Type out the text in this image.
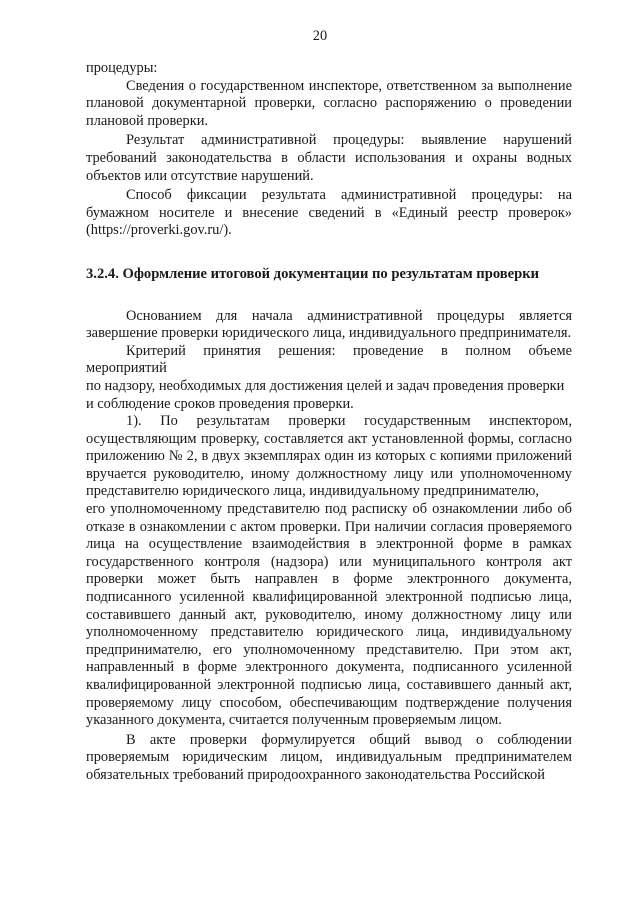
20

процедуры:

Сведения о государственном инспекторе, ответственном за выполнение плановой документарной проверки, согласно распоряжению о проведении плановой проверки.

Результат административной процедуры: выявление нарушений требований законодательства в области использования и охраны водных объектов или отсутствие нарушений.

Способ фиксации результата административной процедуры: на бумажном носителе и внесение сведений в «Единый реестр проверок» (https://proverki.gov.ru/).

3.2.4. Оформление итоговой документации по результатам проверки

Основанием для начала административной процедуры является завершение проверки юридического лица, индивидуального предпринимателя.

Критерий принятия решения: проведение в полном объеме мероприятий

по надзору, необходимых для достижения целей и задач проведения проверки

и соблюдение сроков проведения проверки.

1). По результатам проверки государственным инспектором, осуществляющим проверку, составляется акт установленной формы, согласно приложению № 2, в двух экземплярах один из которых с копиями приложений вручается руководителю, иному должностному лицу или уполномоченному представителю юридического лица, индивидуальному предпринимателю,

его уполномоченному представителю под расписку об ознакомлении либо об отказе в ознакомлении с актом проверки. При наличии согласия проверяемого лица на осуществление взаимодействия в электронной форме в рамках государственного контроля (надзора) или муниципального контроля акт проверки может быть направлен в форме электронного документа, подписанного усиленной квалифицированной электронной подписью лица, составившего данный акт, руководителю, иному должностному лицу или уполномоченному представителю юридического лица, индивидуальному предпринимателю, его уполномоченному представителю. При этом акт, направленный в форме электронного документа, подписанного усиленной квалифицированной электронной подписью лица, составившего данный акт, проверяемому лицу способом, обеспечивающим подтверждение получения указанного документа, считается полученным проверяемым лицом.

В акте проверки формулируется общий вывод о соблюдении проверяемым юридическим лицом, индивидуальным предпринимателем обязательных требований природоохранного законодательства Российской
